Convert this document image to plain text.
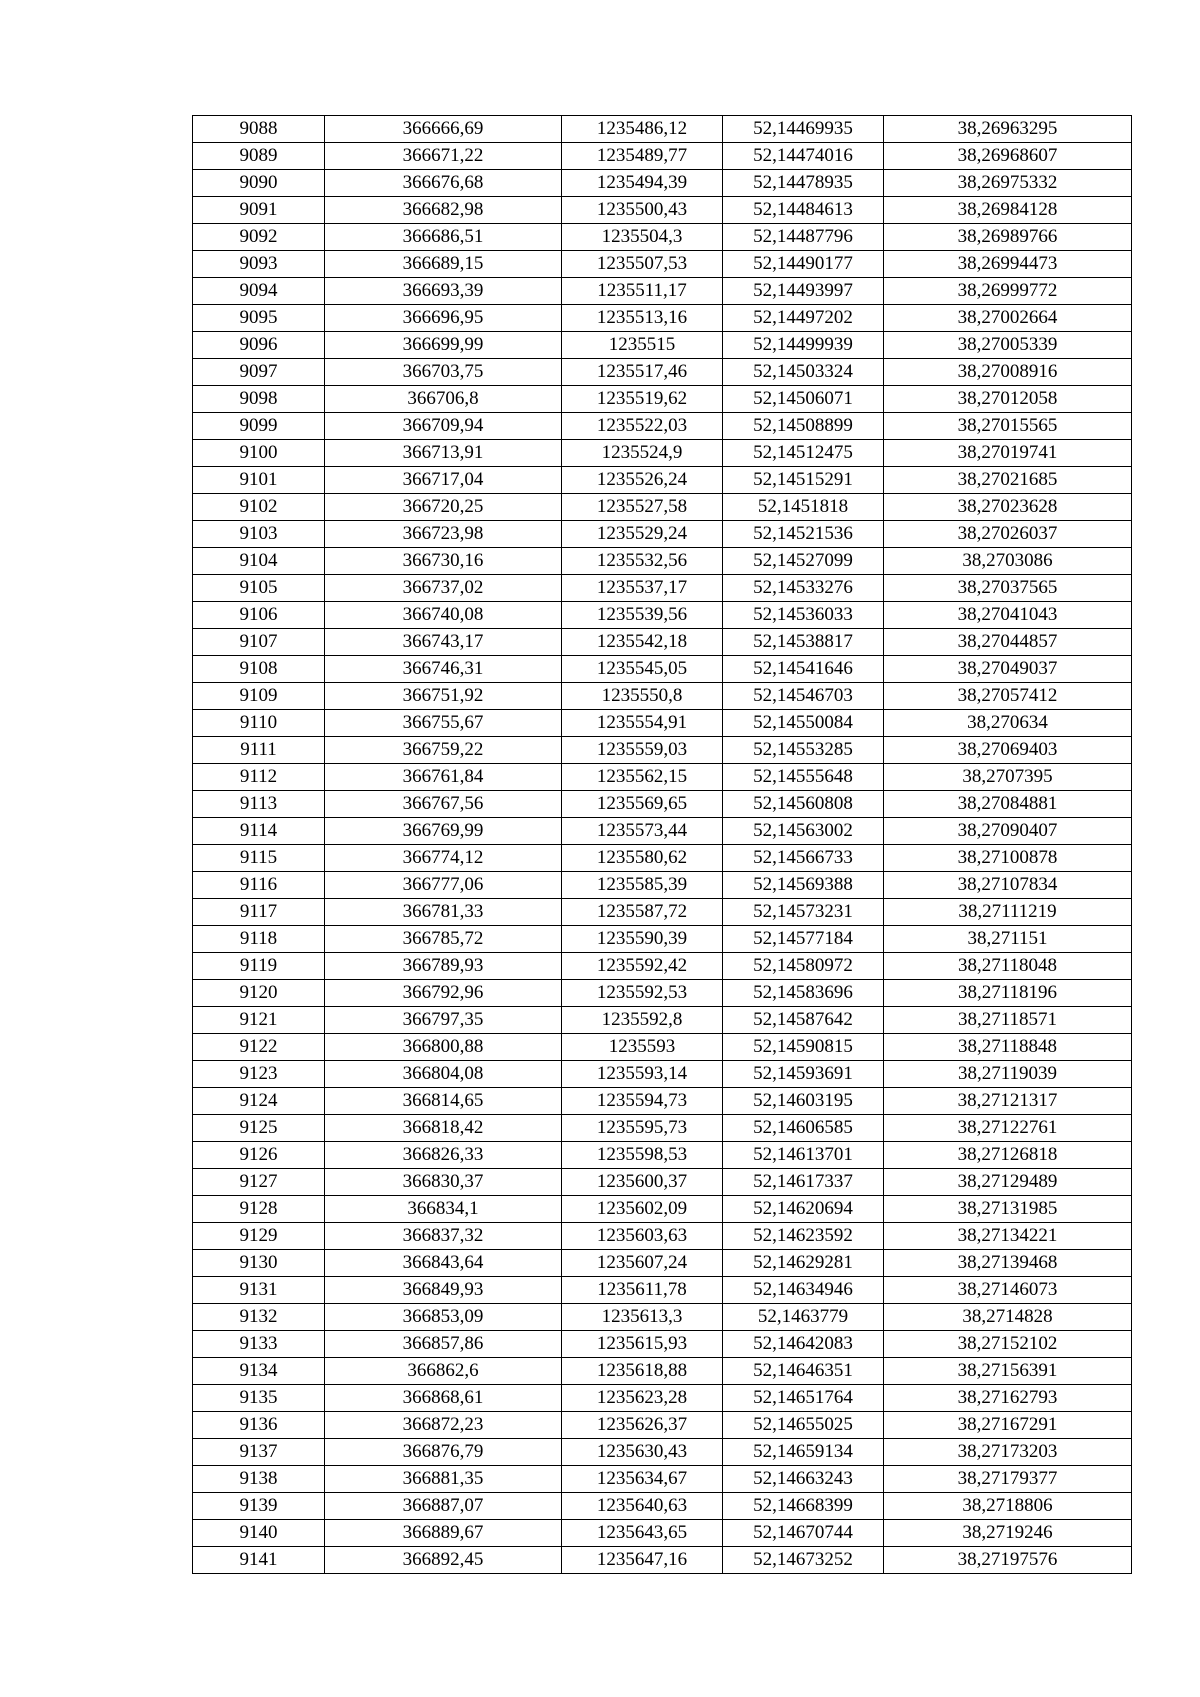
9088	366666,69	1235486,12	52,14469935	38,26963295
9089	366671,22	1235489,77	52,14474016	38,26968607
9090	366676,68	1235494,39	52,14478935	38,26975332
9091	366682,98	1235500,43	52,14484613	38,26984128
9092	366686,51	1235504,3	52,14487796	38,26989766
9093	366689,15	1235507,53	52,14490177	38,26994473
9094	366693,39	1235511,17	52,14493997	38,26999772
9095	366696,95	1235513,16	52,14497202	38,27002664
9096	366699,99	1235515	52,14499939	38,27005339
9097	366703,75	1235517,46	52,14503324	38,27008916
9098	366706,8	1235519,62	52,14506071	38,27012058
9099	366709,94	1235522,03	52,14508899	38,27015565
9100	366713,91	1235524,9	52,14512475	38,27019741
9101	366717,04	1235526,24	52,14515291	38,27021685
9102	366720,25	1235527,58	52,1451818	38,27023628
9103	366723,98	1235529,24	52,14521536	38,27026037
9104	366730,16	1235532,56	52,14527099	38,2703086
9105	366737,02	1235537,17	52,14533276	38,27037565
9106	366740,08	1235539,56	52,14536033	38,27041043
9107	366743,17	1235542,18	52,14538817	38,27044857
9108	366746,31	1235545,05	52,14541646	38,27049037
9109	366751,92	1235550,8	52,14546703	38,27057412
9110	366755,67	1235554,91	52,14550084	38,270634
9111	366759,22	1235559,03	52,14553285	38,27069403
9112	366761,84	1235562,15	52,14555648	38,2707395
9113	366767,56	1235569,65	52,14560808	38,27084881
9114	366769,99	1235573,44	52,14563002	38,27090407
9115	366774,12	1235580,62	52,14566733	38,27100878
9116	366777,06	1235585,39	52,14569388	38,27107834
9117	366781,33	1235587,72	52,14573231	38,27111219
9118	366785,72	1235590,39	52,14577184	38,271151
9119	366789,93	1235592,42	52,14580972	38,27118048
9120	366792,96	1235592,53	52,14583696	38,27118196
9121	366797,35	1235592,8	52,14587642	38,27118571
9122	366800,88	1235593	52,14590815	38,27118848
9123	366804,08	1235593,14	52,14593691	38,27119039
9124	366814,65	1235594,73	52,14603195	38,27121317
9125	366818,42	1235595,73	52,14606585	38,27122761
9126	366826,33	1235598,53	52,14613701	38,27126818
9127	366830,37	1235600,37	52,14617337	38,27129489
9128	366834,1	1235602,09	52,14620694	38,27131985
9129	366837,32	1235603,63	52,14623592	38,27134221
9130	366843,64	1235607,24	52,14629281	38,27139468
9131	366849,93	1235611,78	52,14634946	38,27146073
9132	366853,09	1235613,3	52,1463779	38,2714828
9133	366857,86	1235615,93	52,14642083	38,27152102
9134	366862,6	1235618,88	52,14646351	38,27156391
9135	366868,61	1235623,28	52,14651764	38,27162793
9136	366872,23	1235626,37	52,14655025	38,27167291
9137	366876,79	1235630,43	52,14659134	38,27173203
9138	366881,35	1235634,67	52,14663243	38,27179377
9139	366887,07	1235640,63	52,14668399	38,2718806
9140	366889,67	1235643,65	52,14670744	38,2719246
9141	366892,45	1235647,16	52,14673252	38,27197576
